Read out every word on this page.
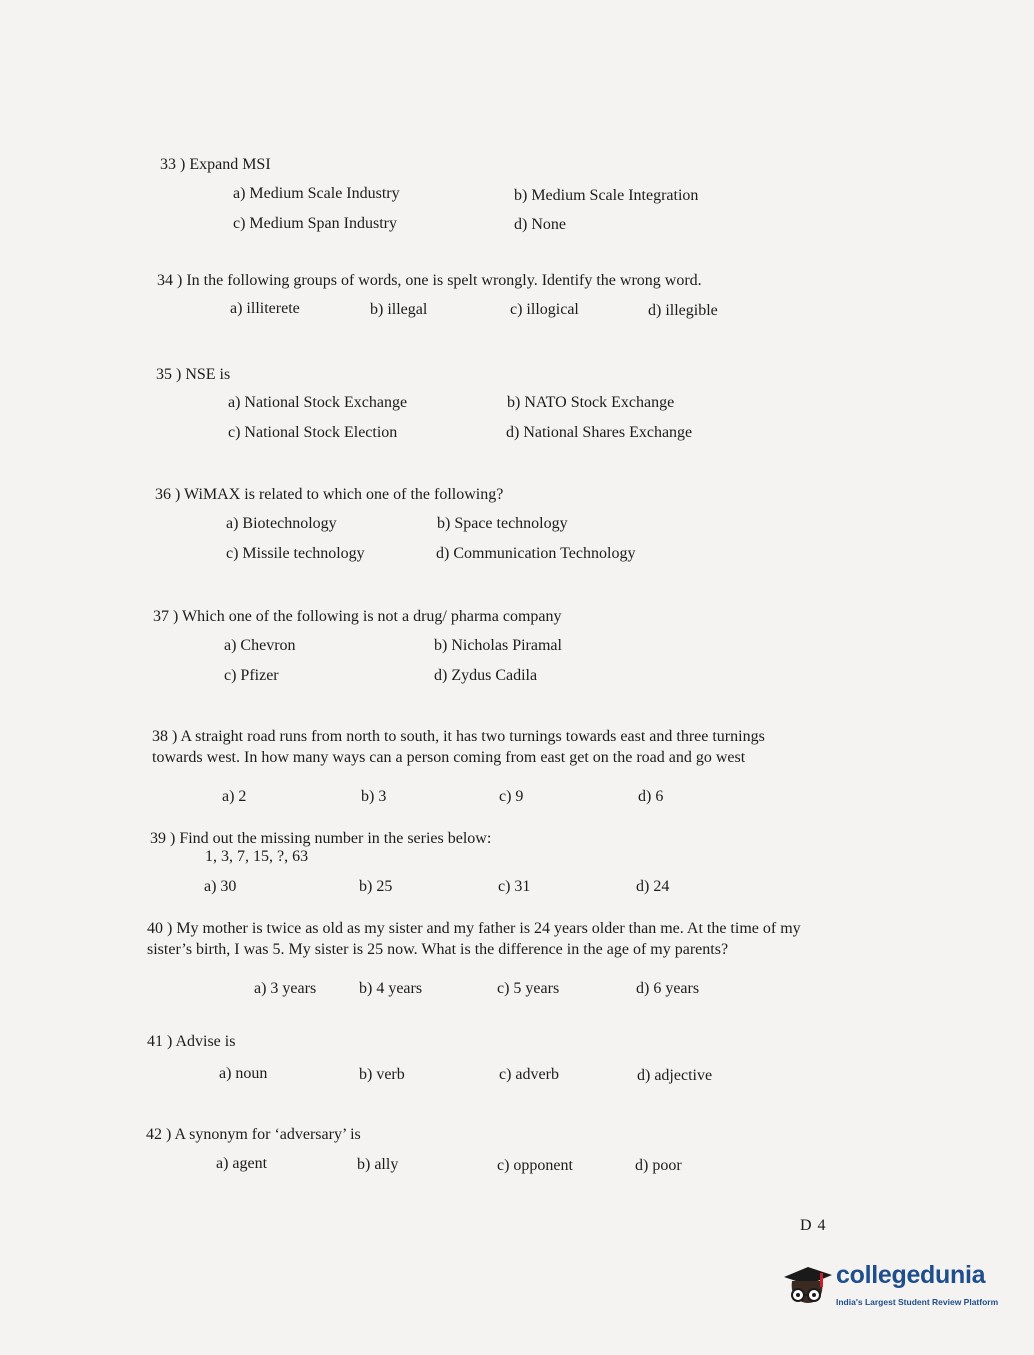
33 ) Expand MSI
a) Medium Scale Industry	b) Medium Scale Integration
c) Medium Span Industry	d) None
34 ) In the following groups of words, one is spelt wrongly. Identify the wrong word.
a) illiterete	b) illegal	c) illogical	d) illegible
35 ) NSE is
a) National Stock Exchange	b) NATO Stock Exchange
c) National Stock Election	d) National Shares Exchange
36 ) WiMAX is related to which one of the following?
a) Biotechnology	b) Space technology
c) Missile technology	d) Communication Technology
37 ) Which one of the following is not a drug/ pharma company
a) Chevron	b) Nicholas Piramal
c) Pfizer	d) Zydus Cadila
38 ) A straight road runs from north to south, it has two turnings towards east and three turnings towards west. In how many ways can a person coming from east get on the road and go west
a) 2	b) 3	c) 9	d) 6
39 ) Find out the missing number in the series below:
1, 3, 7, 15, ?, 63
a) 30	b) 25	c) 31	d) 24
40 ) My mother is twice as old as my sister and my father is 24 years older than me. At the time of my sister’s birth, I was 5. My sister is 25 now. What is the difference in the age of my parents?
a) 3 years	b) 4 years	c) 5 years	d) 6 years
41 ) Advise is
a) noun	b) verb	c) adverb	d) adjective
42 ) A synonym for ‘adversary’ is
a) agent	b) ally	c) opponent	d) poor
D 4
collegedunia
India's Largest Student Review Platform
